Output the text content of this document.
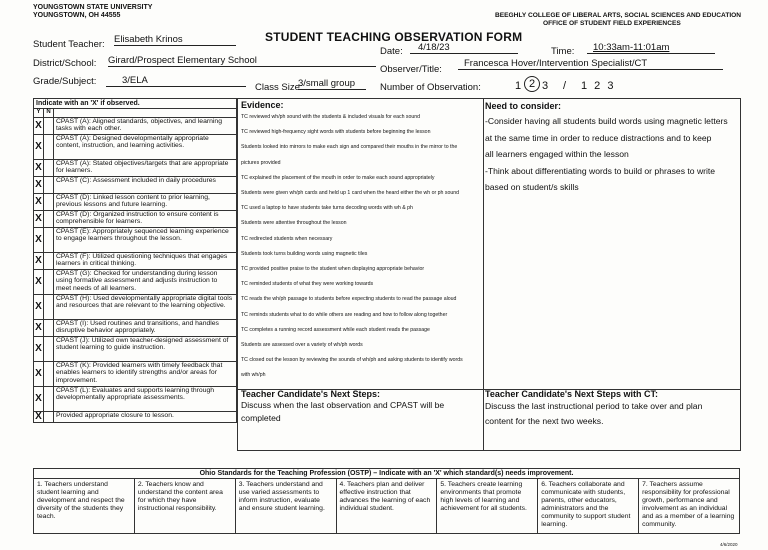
YOUNGSTOWN STATE UNIVERSITY
YOUNGSTOWN, OH 44555	BEEGHLY COLLEGE OF LIBERAL ARTS, SOCIAL SCIENCES AND EDUCATION
OFFICE OF STUDENT FIELD EXPERIENCES
STUDENT TEACHING OBSERVATION FORM
Student Teacher: Elisabeth Krinos
Date:	4/18/23	Time:	10:33am-11:01am
District/School: Girard/Prospect Elementary School
Observer/Title:
Francesca Hover/Intervention Specialist/CT
Grade/Subject:	3/ELA
Class Size:
3/small group	Number of Observation:	1 2 3 / 1 2 3
Indicate with an 'X' if observed.
Y	N	
X		CPAST (A): Aligned standards, objectives, and learning tasks with each other.
X		CPAST (A): Designed developmentally appropriate content, instruction, and learning activities.
X		CPAST (A): Stated objectives/targets that are appropriate for learners.
X		CPAST (C): Assessment included in daily procedures
X		CPAST (D): Linked lesson content to prior learning, previous lessons and future learning.
X		CPAST (D): Organized instruction to ensure content is comprehensible for learners.
X		CPAST (E): Appropriately sequenced learning experience to engage learners throughout the lesson.
X		CPAST (F): Utilized questioning techniques that engages learners in critical thinking.
X		CPAST (G): Checked for understanding during lesson using formative assessment and adjusts instruction to meet needs of all learners.
X		CPAST (H): Used developmentally appropriate digital tools and resources that are relevant to the learning objective.
X		CPAST (I): Used routines and transitions, and handles disruptive behavior appropriately.
X		CPAST (J): Utilized own teacher-designed assessment of student learning to guide instruction.
X		CPAST (K): Provided learners with timely feedback that enables learners to identify strengths and/or areas for improvement.
X		CPAST (L): Evaluates and supports learning through developmentally appropriate assessments.
X		Provided appropriate closure to lesson.
Evidence:
TC reviewed wh/ph sound with the students & included visuals for each sound
TC reviewed high-frequency sight words with students before beginning the lesson
Students looked into mirrors to make each sign and compared their mouths in the mirror to the
pictures provided
TC explained the placement of the mouth in order to make each sound appropriately
Students were given wh/ph cards and held up 1 card when the heard either the wh or ph sound
TC used a laptop to have students take turns decoding words with wh & ph
Students were attentive throughout the lesson
TC redirected students when necessary
Students took turns building words using magnetic tiles
TC provided positive praise to the student when displaying appropriate behavior
TC reminded students of what they were working towards
TC reads the wh/ph passage to students before expecting students to read the passage aloud
TC reminds students what to do while others are reading and how to follow along together
TC completes a running record assessment while each student reads the passage
Students are assessed over a variety of wh/ph words
TC closed out the lesson by reviewing the sounds of wh/ph and asking students to identify words
with wh/ph
Need to consider:
-Consider having all students build words using magnetic letters
at the same time in order to reduce distractions and to keep
all learners engaged within the lesson
-Think about differentiating words to build or phrases to write
based on student/s skills
Teacher Candidate's Next Steps:
Discuss when the last observation and CPAST will be
completed
Teacher Candidate's Next Steps with CT:
Discuss the last instructional period to take over and plan
content for the next two weeks.
Ohio Standards for the Teaching Profession (OSTP) – Indicate with an 'X' which standard(s) needs improvement.
1. Teachers understand student learning and development and respect the diversity of the students they teach.	2. Teachers know and understand the content area for which they have instructional responsibility.	3. Teachers understand and use varied assessments to inform instruction, evaluate and ensure student learning.	4. Teachers plan and deliver effective instruction that advances the learning of each individual student.	5. Teachers create learning environments that promote high levels of learning and achievement for all students.	6. Teachers collaborate and communicate with students, parents, other educators, administrators and the community to support student learning.	7. Teachers assume responsibility for professional growth, performance and involvement as an individual and as a member of a learning community.
4/6/2020
